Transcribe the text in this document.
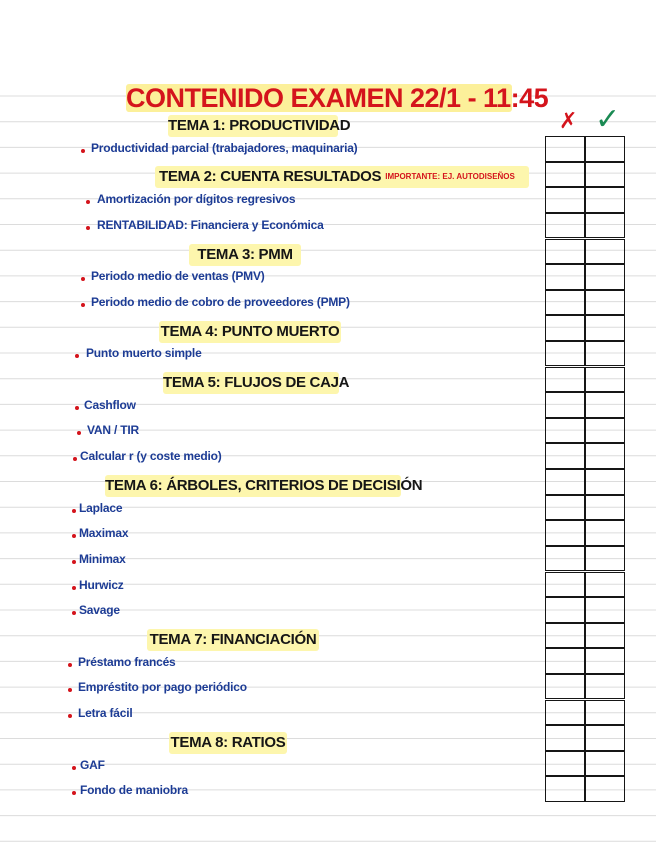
CONTENIDO EXAMEN 22/1 - 11:45
TEMA 1: PRODUCTIVIDAD
Productividad parcial (trabajadores, maquinaria)
TEMA 2: CUENTA RESULTADOS IMPORTANTE: EJ. AUTODISEÑOS
Amortización por dígitos regresivos
RENTABILIDAD: Financiera y Económica
TEMA 3: PMM
Periodo medio de ventas (PMV)
Periodo medio de cobro de proveedores (PMP)
TEMA 4: PUNTO MUERTO
Punto muerto simple
TEMA 5: FLUJOS DE CAJA
Cashflow
VAN / TIR
Calcular r (y coste medio)
TEMA 6: ÁRBOLES, CRITERIOS DE DECISIÓN
Laplace
Maximax
Minimax
Hurwicz
Savage
TEMA 7: FINANCIACIÓN
Préstamo francés
Empréstito por pago periódico
Letra fácil
TEMA 8: RATIOS
GAF
Fondo de maniobra
✗ ✓
